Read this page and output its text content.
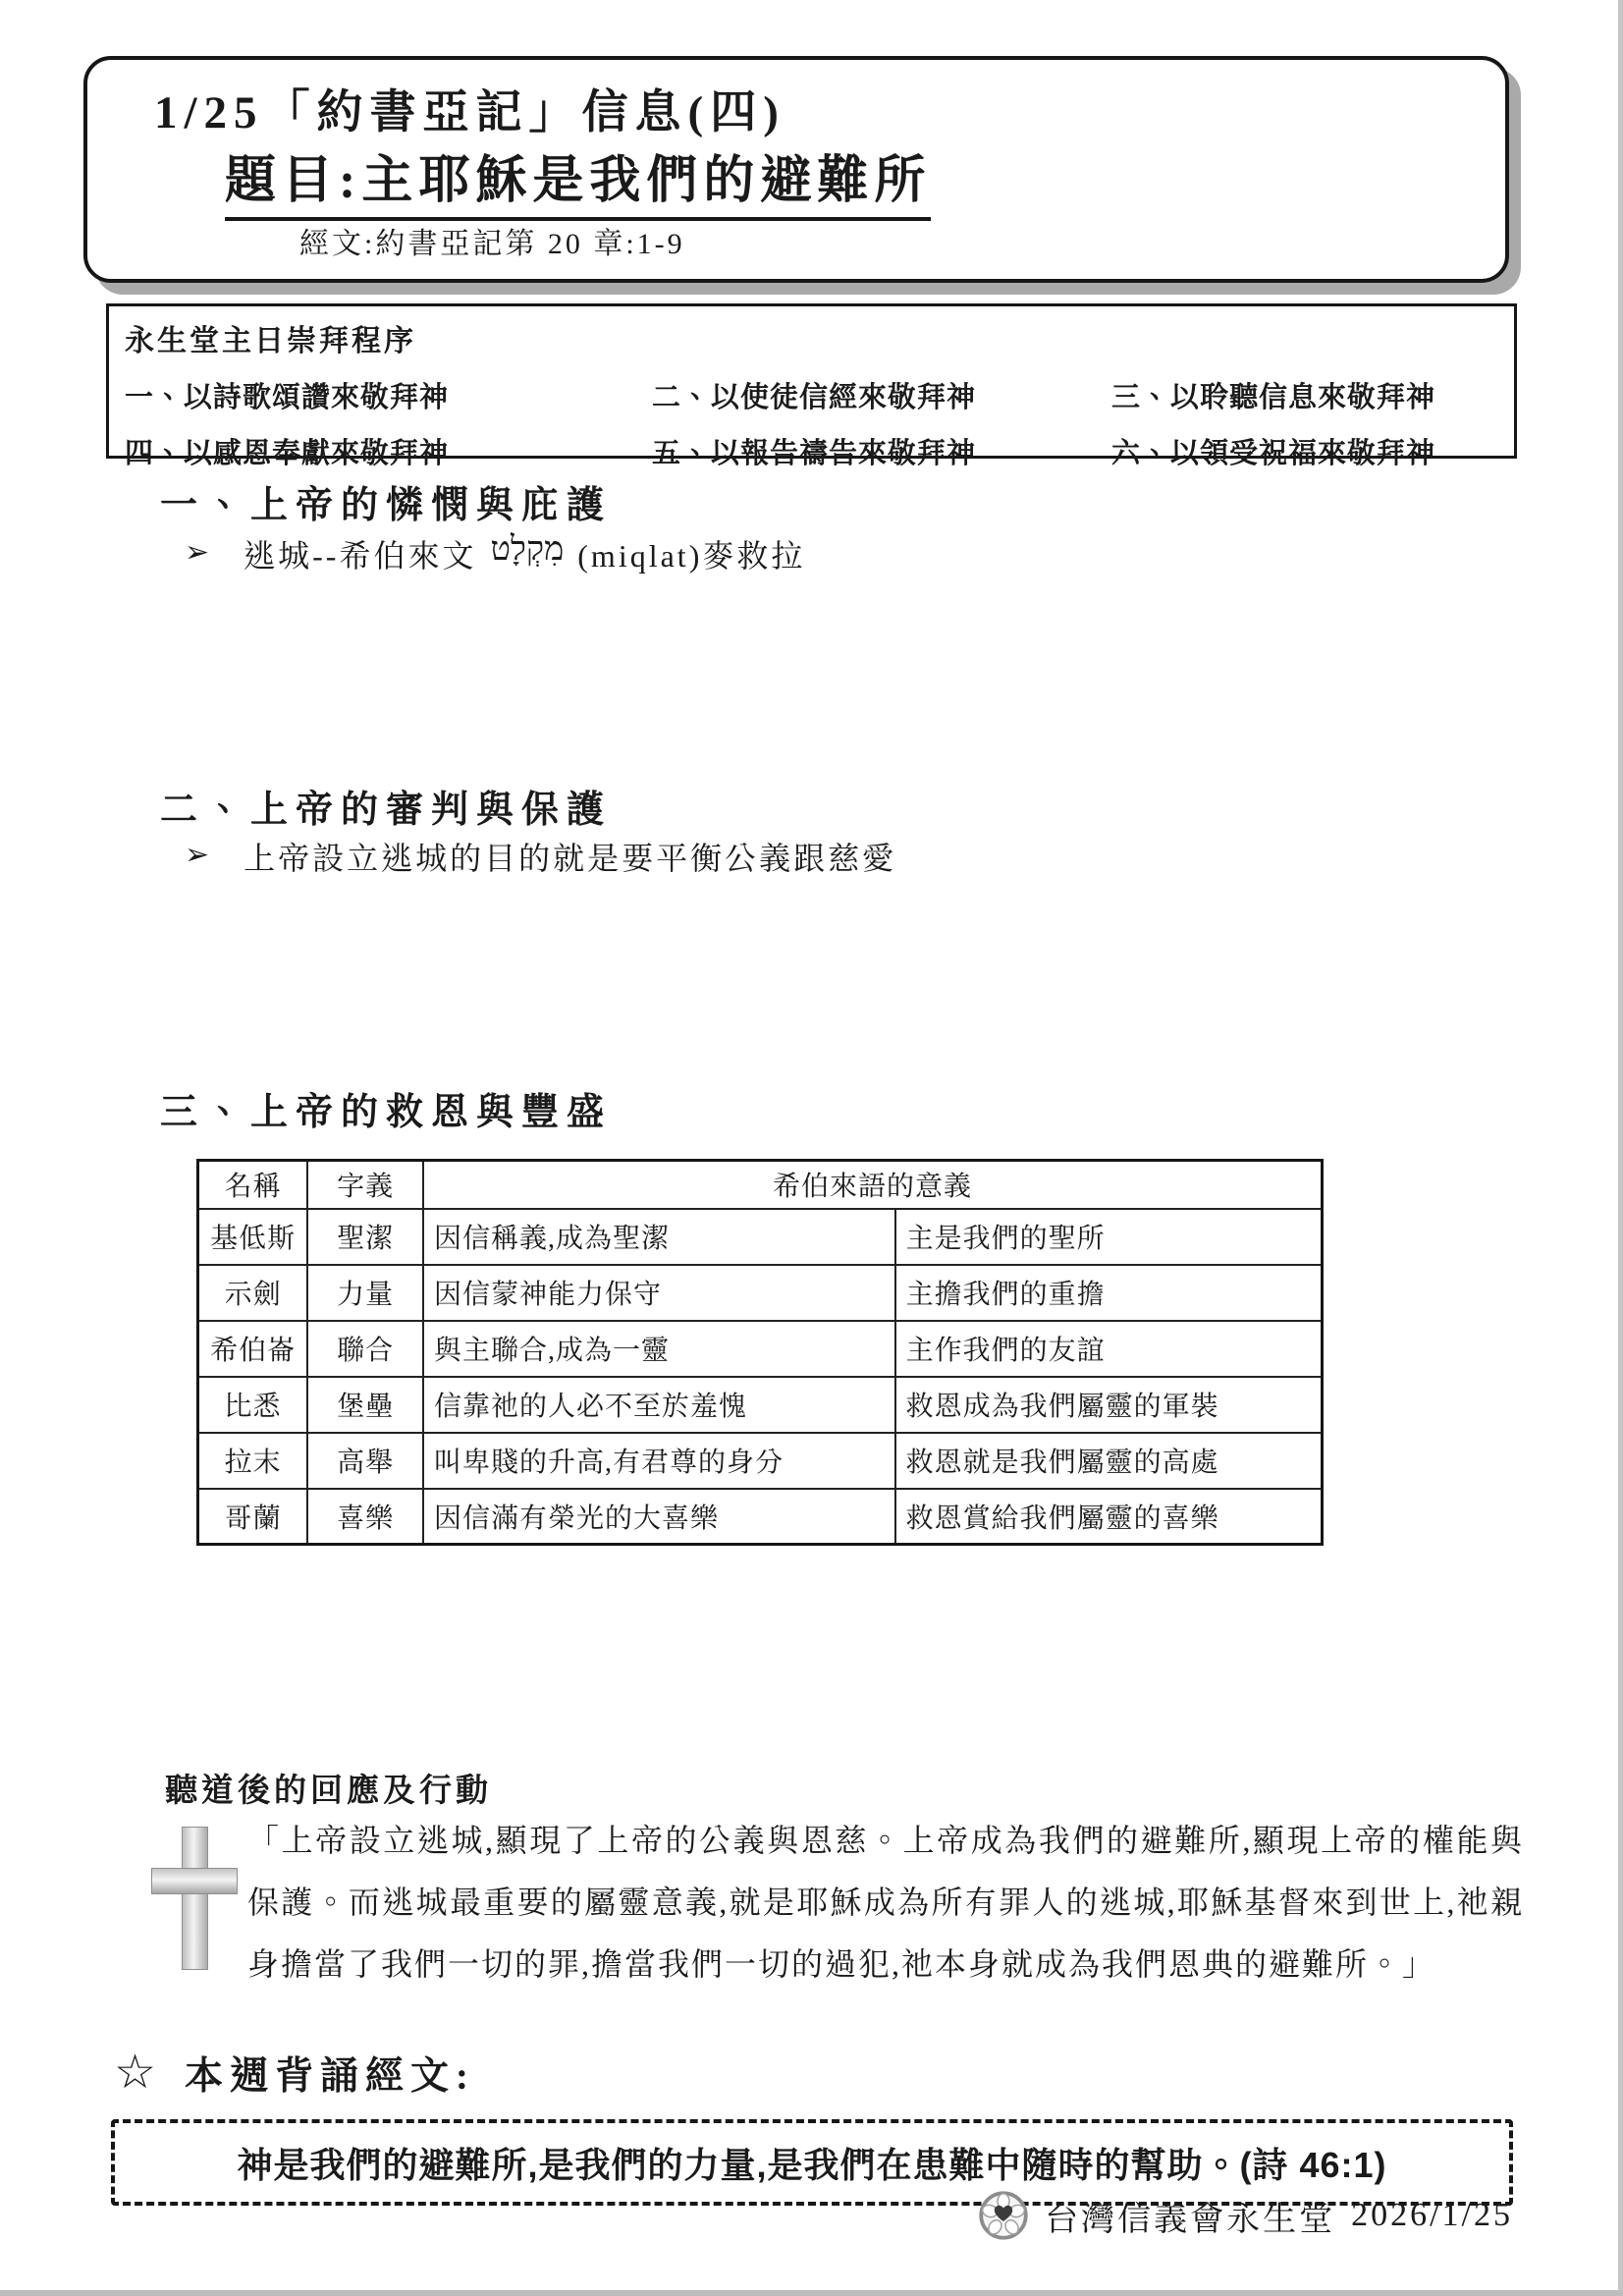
1/25「約書亞記」信息(四)
題目:主耶穌是我們的避難所
經文:約書亞記第 20 章:1-9
永生堂主日崇拜程序
一、以詩歌頌讚來敬拜神	二、以使徒信經來敬拜神	三、以聆聽信息來敬拜神
四、以感恩奉獻來敬拜神	五、以報告禱告來敬拜神	六、以領受祝福來敬拜神
一、上帝的憐憫與庇護
➢ 逃城--希伯來文 מִקְלָט (miqlat)麥救拉
二、上帝的審判與保護
➢ 上帝設立逃城的目的就是要平衡公義跟慈愛
三、上帝的救恩與豐盛
名稱	字義	希伯來語的意義	
基低斯	聖潔	因信稱義,成為聖潔	主是我們的聖所
示劍	力量	因信蒙神能力保守	主擔我們的重擔
希伯崙	聯合	與主聯合,成為一靈	主作我們的友誼
比悉	堡壘	信靠祂的人必不至於羞愧	救恩成為我們屬靈的軍裝
拉末	高舉	叫卑賤的升高,有君尊的身分	救恩就是我們屬靈的高處
哥蘭	喜樂	因信滿有榮光的大喜樂	救恩賞給我們屬靈的喜樂
聽道後的回應及行動
「上帝設立逃城,顯現了上帝的公義與恩慈。上帝成為我們的避難所,顯現上帝的權能與保護。而逃城最重要的屬靈意義,就是耶穌成為所有罪人的逃城,耶穌基督來到世上,祂親身擔當了我們一切的罪,擔當我們一切的過犯,祂本身就成為我們恩典的避難所。」
☆ 本週背誦經文:
神是我們的避難所,是我們的力量,是我們在患難中隨時的幫助。(詩 46:1)
台灣信義會永生堂 2026/1/25
